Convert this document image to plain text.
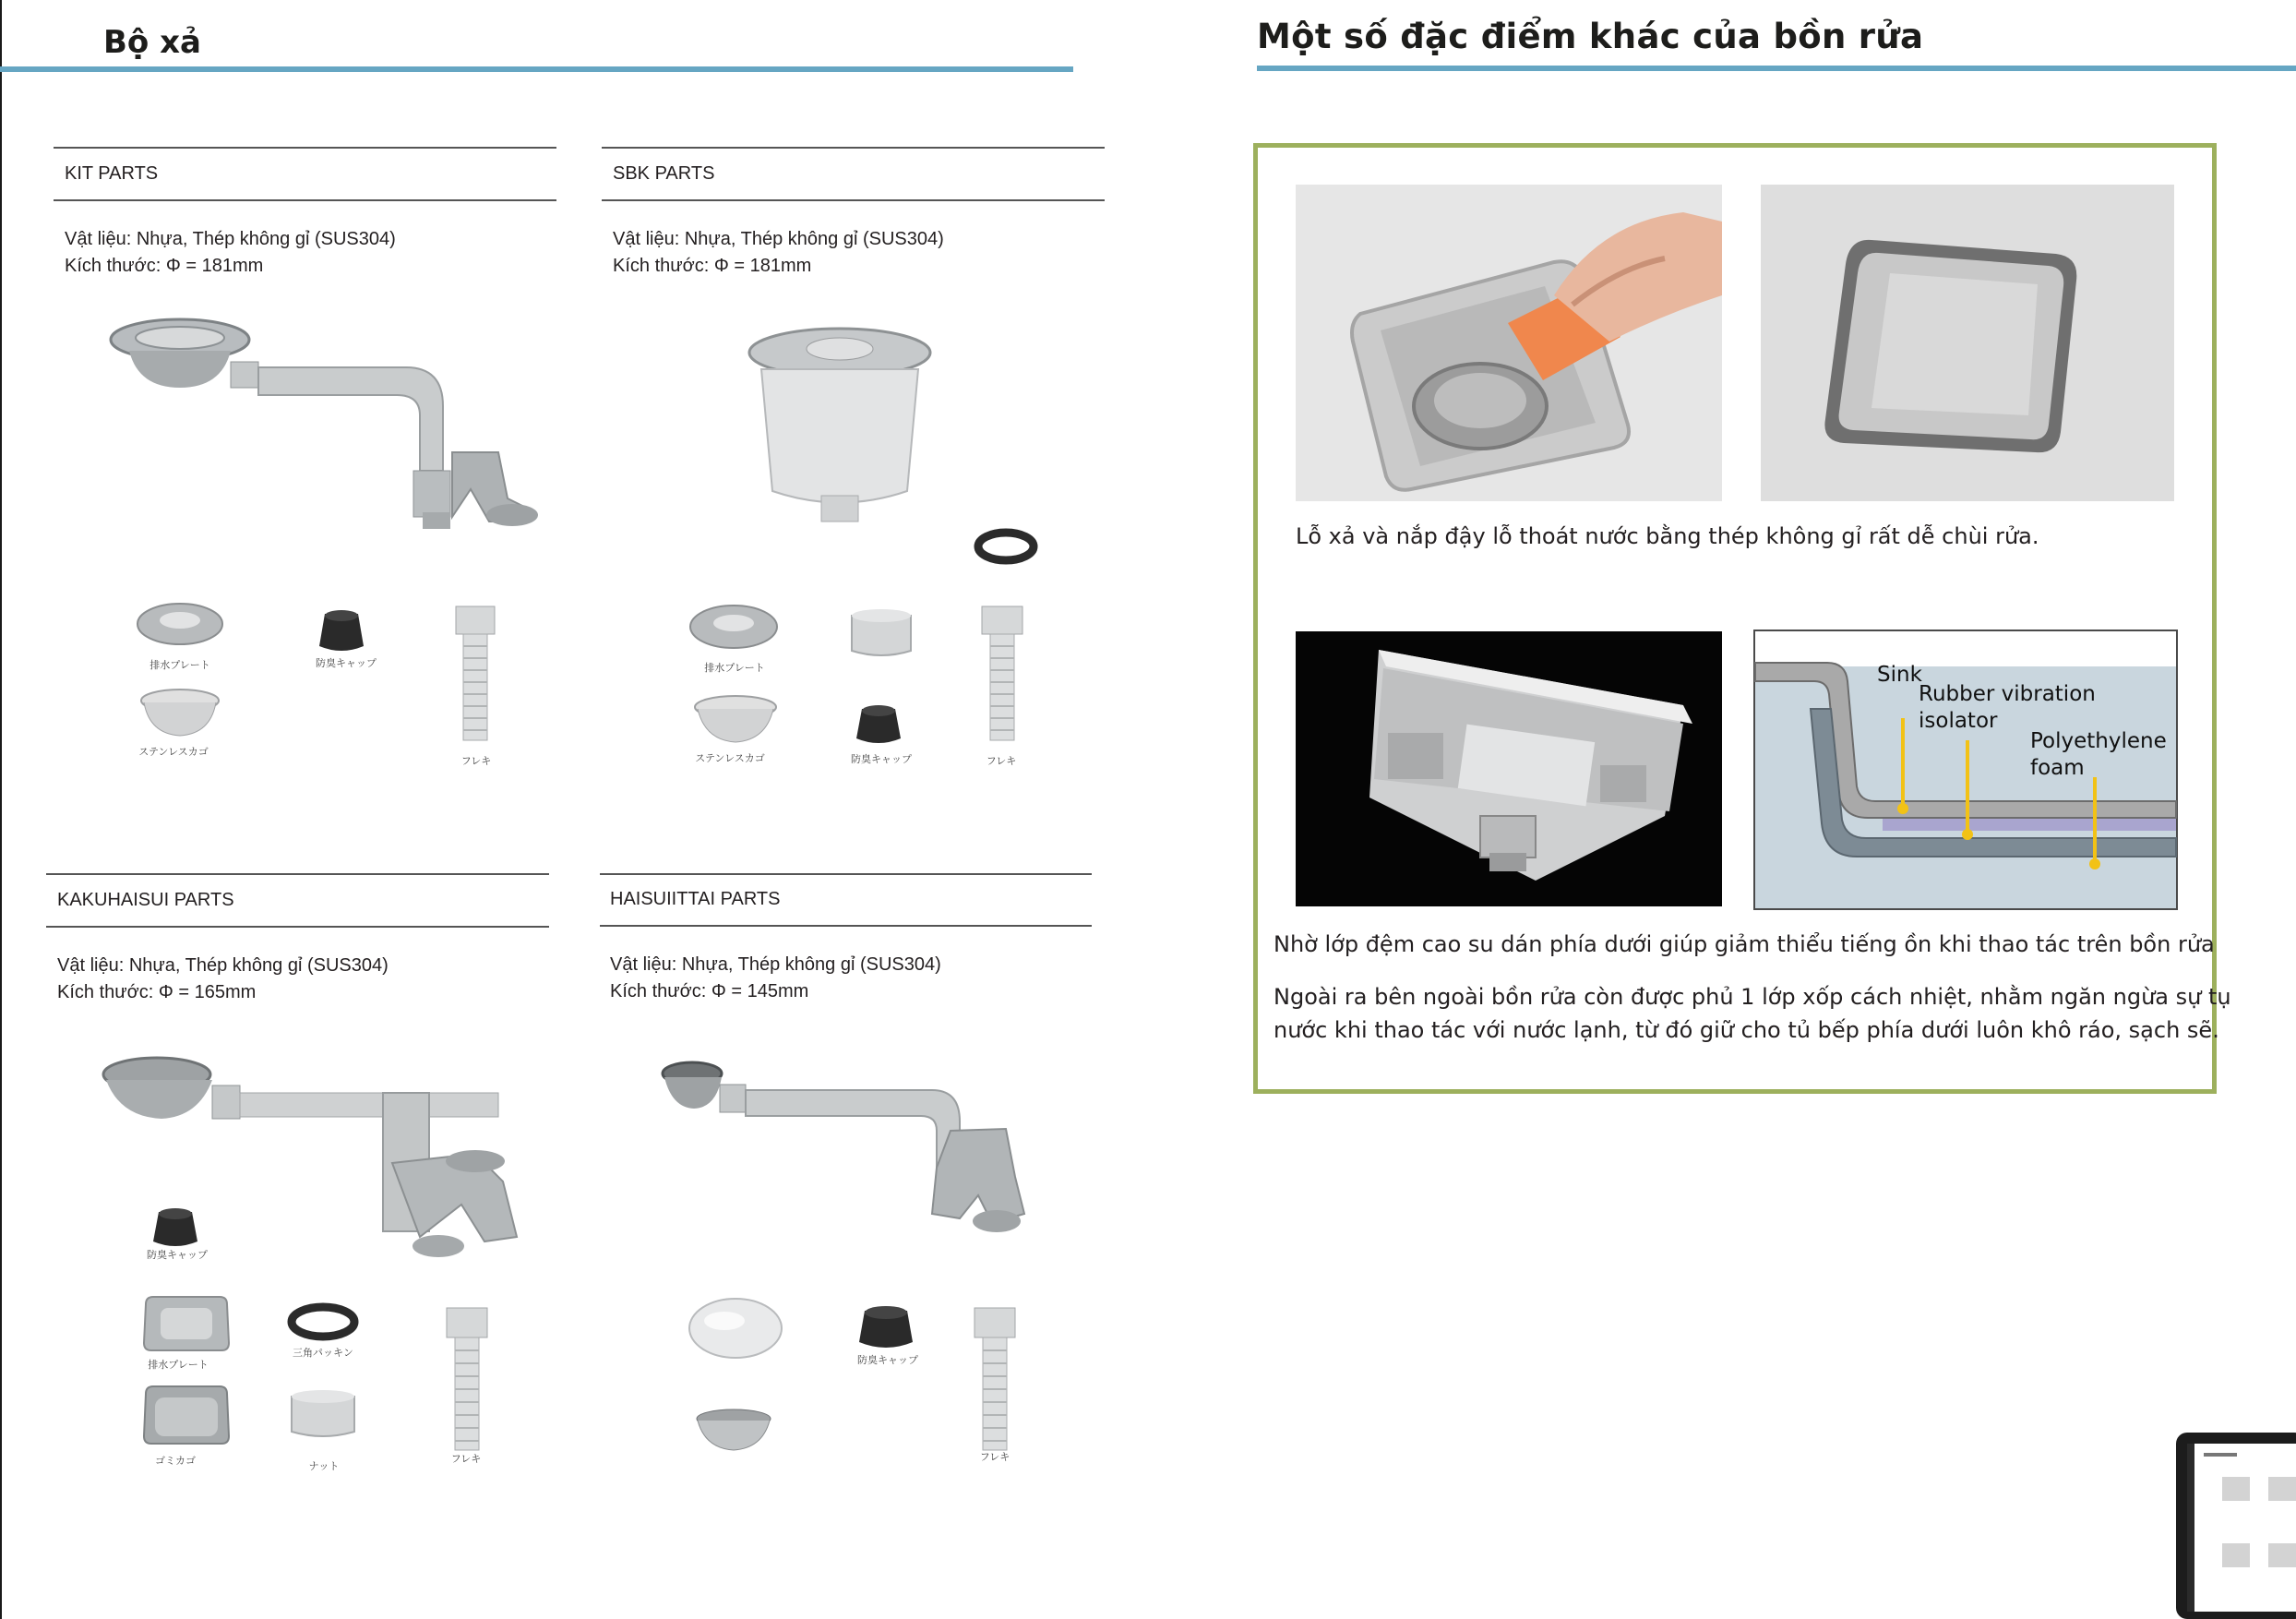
Bộ xả
KIT PARTS
Vật liệu: Nhựa, Thép không gỉ (SUS304)
Kích thước: Φ = 181mm
排水プレート	防臭キャップ
ステンレスカゴ
フレキ
SBK PARTS
Vật liệu: Nhựa, Thép không gỉ (SUS304)
Kích thước: Φ = 181mm
排水プレート
ステンレスカゴ	防臭キャップ	フレキ
KAKUHAISUI PARTS
Vật liệu: Nhựa, Thép không gỉ (SUS304)
Kích thước: Φ = 165mm
防臭キャップ
排水プレート
三角パッキン
ゴミカゴ	ナット
フレキ
HAISUIITTAI PARTS
Vật liệu: Nhựa, Thép không gỉ (SUS304)
Kích thước: Φ = 145mm
防臭キャップ
フレキ
Một số đặc điểm khác của bồn rửa
Lỗ xả và nắp đậy lỗ thoát nước bằng thép không gỉ rất dễ chùi rửa.
Sink
Rubber vibration
isolator
Polyethylene
foam
Nhờ lớp đệm cao su dán phía dưới giúp giảm thiểu tiếng ồn khi thao tác trên bồn rửa
Ngoài ra bên ngoài bồn rửa còn được phủ 1 lớp xốp cách nhiệt, nhằm ngăn ngừa sự tụ
nước khi thao tác với nước lạnh, từ đó giữ cho tủ bếp phía dưới luôn khô ráo, sạch sẽ.
